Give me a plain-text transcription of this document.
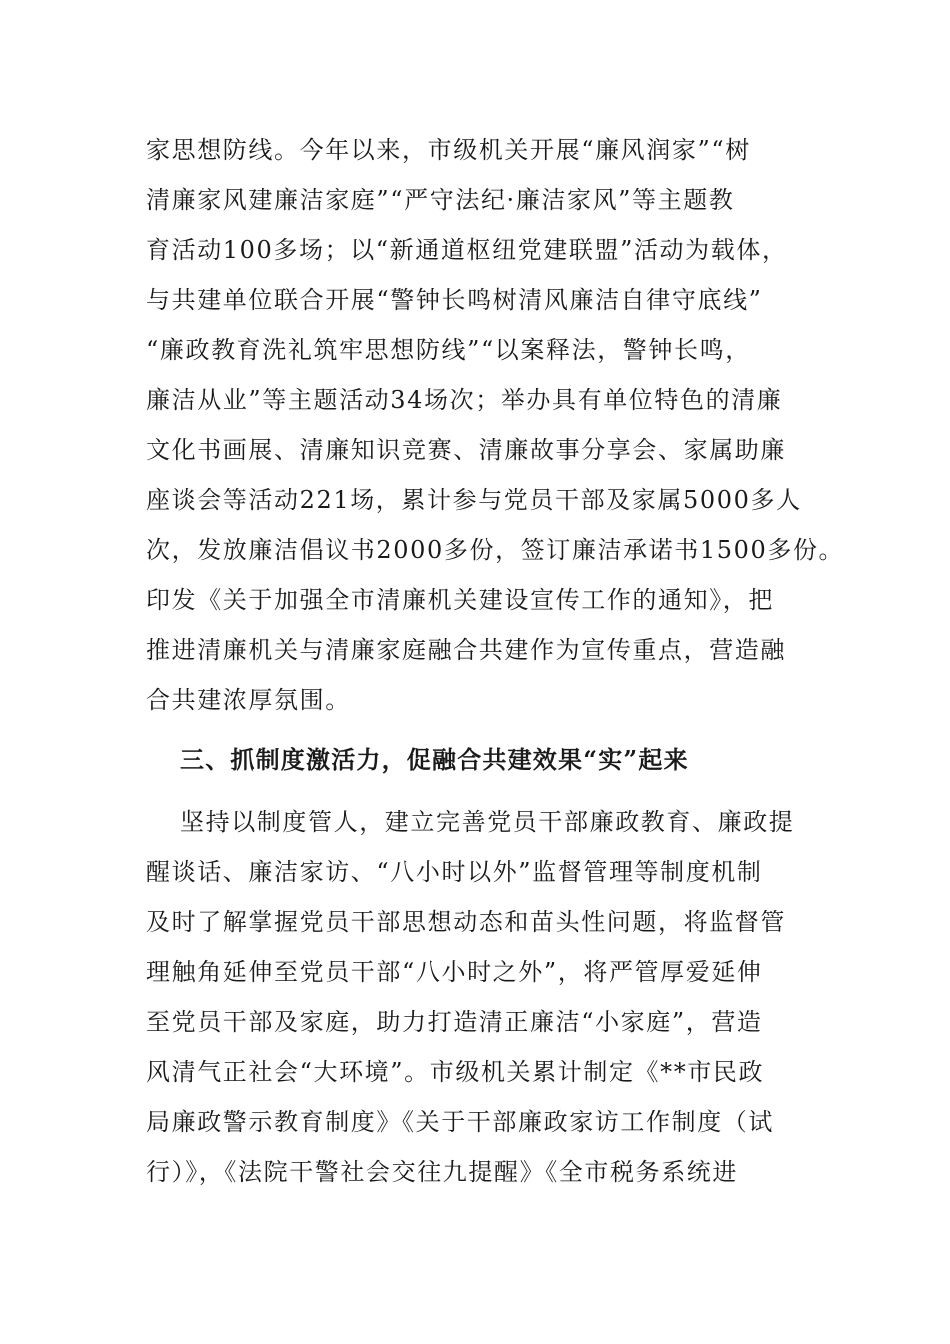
家思想防线。今年以来，市级机关开展“廉风润家”“树
清廉家风建廉洁家庭”“严守法纪·廉洁家风”等主题教
育活动100多场；以“新通道枢纽党建联盟”活动为载体，
与共建单位联合开展“警钟长鸣树清风廉洁自律守底线”
“廉政教育洗礼筑牢思想防线”“以案释法，警钟长鸣，
廉洁从业”等主题活动34场次；举办具有单位特色的清廉
文化书画展、清廉知识竞赛、清廉故事分享会、家属助廉
座谈会等活动221场，累计参与党员干部及家属5000多人
次，发放廉洁倡议书2000多份，签订廉洁承诺书1500多份。
印发《关于加强全市清廉机关建设宣传工作的通知》，把
推进清廉机关与清廉家庭融合共建作为宣传重点，营造融
合共建浓厚氛围。
三、抓制度激活力，促融合共建效果“实”起来
坚持以制度管人，建立完善党员干部廉政教育、廉政提
醒谈话、廉洁家访、“八小时以外”监督管理等制度机制
及时了解掌握党员干部思想动态和苗头性问题，将监督管
理触角延伸至党员干部“八小时之外”，将严管厚爱延伸
至党员干部及家庭，助力打造清正廉洁“小家庭”，营造
风清气正社会“大环境”。市级机关累计制定《**市民政
局廉政警示教育制度》《关于干部廉政家访工作制度（试
行）》，《法院干警社会交往九提醒》《全市税务系统进
